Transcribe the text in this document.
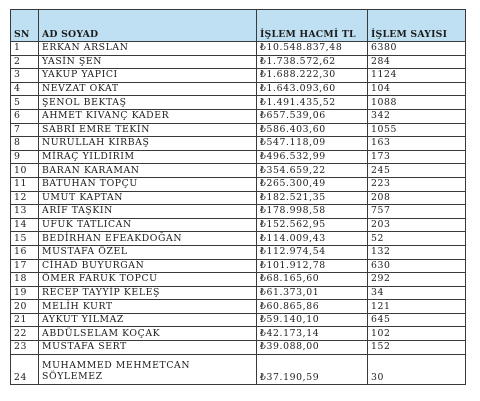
SN	AD SOYAD	İŞLEM HACMİ TL	İŞLEM SAYISI
1	ERKAN ARSLAN	₺10.548.837,48	6380
2	YASİN ŞEN	₺1.738.572,62	284
3	YAKUP YAPICI	₺1.688.222,30	1124
4	NEVZAT OKAT	₺1.643.093,60	104
5	ŞENOL BEKTAŞ	₺1.491.435,52	1088
6	AHMET KIVANÇ KADER	₺657.539,06	342
7	SABRİ EMRE TEKİN	₺586.403,60	1055
8	NURULLAH KIRBAŞ	₺547.118,09	163
9	MİRAÇ YILDIRIM	₺496.532,99	173
10	BARAN KARAMAN	₺354.659,22	245
11	BATUHAN TOPÇU	₺265.300,49	223
12	UMUT KAPTAN	₺182.521,35	208
13	ARİF TAŞKIN	₺178.998,58	757
14	UFUK TATLICAN	₺152.562,95	203
15	BEDİRHAN EFEAKDOĞAN	₺114.009,43	52
16	MUSTAFA ÖZEL	₺112.974,54	132
17	CİHAD BUYURGAN	₺101.912,78	630
18	ÖMER FARUK TOPCU	₺68.165,60	292
19	RECEP TAYYİP KELEŞ	₺61.373,01	34
20	MELİH KURT	₺60.865,86	121
21	AYKUT YILMAZ	₺59.140,10	645
22	ABDÜLSELAM KOÇAK	₺42.173,14	102
23	MUSTAFA SERT	₺39.088,00	152
24	MUHAMMED MEHMETCAN SÖYLEMEZ	₺37.190,59	30
